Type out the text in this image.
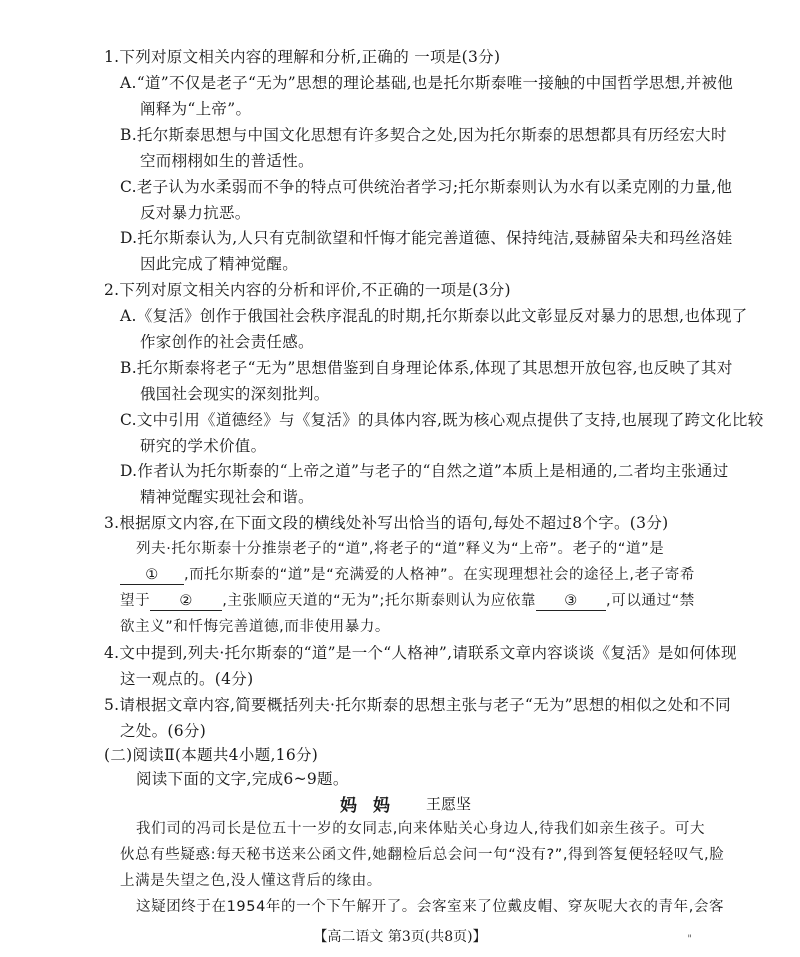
1.下列对原文相关内容的理解和分析,正确的 一项是(3分)
A.“道”不仅是老子“无为”思想的理论基础,也是托尔斯泰唯一接触的中国哲学思想,并被他
阐释为“上帝”。
B.托尔斯泰思想与中国文化思想有许多契合之处,因为托尔斯泰的思想都具有历经宏大时
空而栩栩如生的普适性。
C.老子认为水柔弱而不争的特点可供统治者学习;托尔斯泰则认为水有以柔克刚的力量,他
反对暴力抗恶。
D.托尔斯泰认为,人只有克制欲望和忏悔才能完善道德、保持纯洁,聂赫留朵夫和玛丝洛娃
因此完成了精神觉醒。
2.下列对原文相关内容的分析和评价,不正确的一项是(3分)
A.《复活》创作于俄国社会秩序混乱的时期,托尔斯泰以此文彰显反对暴力的思想,也体现了
作家创作的社会责任感。
B.托尔斯泰将老子“无为”思想借鉴到自身理论体系,体现了其思想开放包容,也反映了其对
俄国社会现实的深刻批判。
C.文中引用《道德经》与《复活》的具体内容,既为核心观点提供了支持,也展现了跨文化比较
研究的学术价值。
D.作者认为托尔斯泰的“上帝之道”与老子的“自然之道”本质上是相通的,二者均主张通过
精神觉醒实现社会和谐。
3.根据原文内容,在下面文段的横线处补写出恰当的语句,每处不超过8个字。(3分)
列夫·托尔斯泰十分推崇老子的“道”,将老子的“道”释义为“上帝”。老子的“道”是
① ,而托尔斯泰的“道”是“充满爱的人格神”。在实现理想社会的途径上,老子寄希
望于 ② ,主张顺应天道的“无为”;托尔斯泰则认为应依靠 ③ ,可以通过“禁
欲主义”和忏悔完善道德,而非使用暴力。
4.文中提到,列夫·托尔斯泰的“道”是一个“人格神”,请联系文章内容谈谈《复活》是如何体现
这一观点的。(4分)
5.请根据文章内容,简要概括列夫·托尔斯泰的思想主张与老子“无为”思想的相似之处和不同
之处。(6分)
(二)阅读Ⅱ(本题共4小题,16分)
阅读下面的文字,完成6~9题。
妈妈 王愿坚
我们司的冯司长是位五十一岁的女同志,向来体贴关心身边人,待我们如亲生孩子。可大
伙总有些疑惑:每天秘书送来公函文件,她翻检后总会问一句“没有?”,得到答复便轻轻叹气,脸
上满是失望之色,没人懂这背后的缘由。
这疑团终于在1954年的一个下午解开了。会客室来了位戴皮帽、穿灰呢大衣的青年,会客
【高二语文 第3页(共8页)】	"
